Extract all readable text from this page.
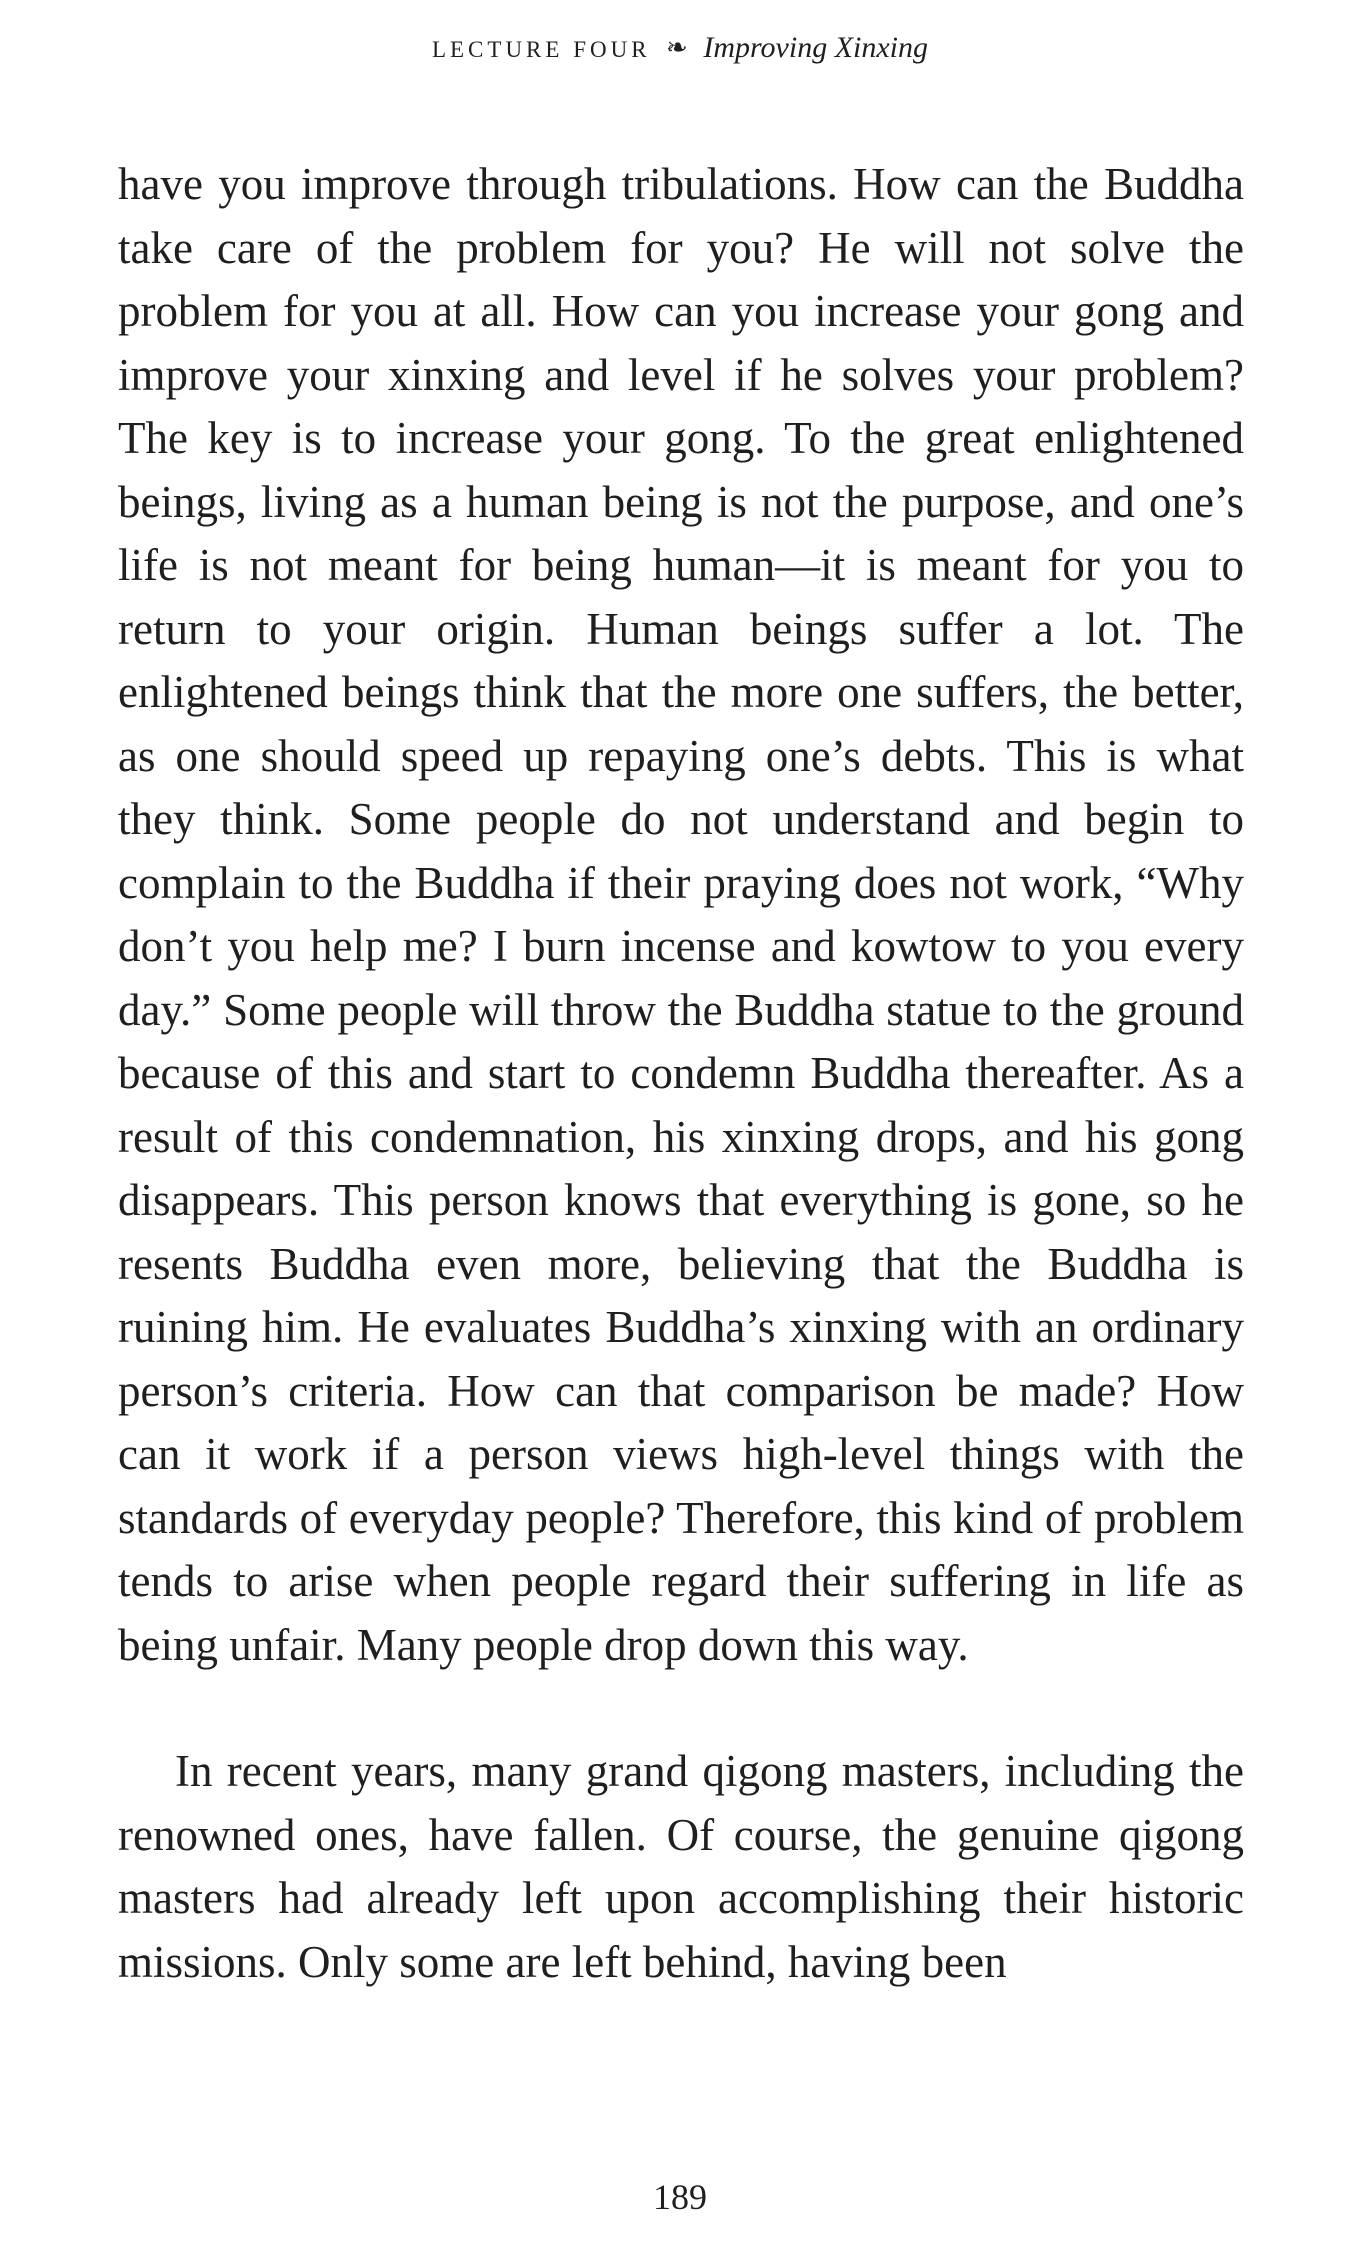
LECTURE FOUR ❧ Improving Xinxing

have you improve through tribulations. How can the Buddha take care of the problem for you? He will not solve the problem for you at all. How can you increase your gong and improve your xinxing and level if he solves your problem? The key is to increase your gong. To the great enlightened beings, living as a human being is not the purpose, and one’s life is not meant for being human—it is meant for you to return to your origin. Human beings suffer a lot. The enlightened beings think that the more one suffers, the better, as one should speed up repaying one’s debts. This is what they think. Some people do not understand and begin to complain to the Buddha if their praying does not work, “Why don’t you help me? I burn incense and kowtow to you every day.” Some people will throw the Buddha statue to the ground because of this and start to condemn Buddha thereafter. As a result of this condemnation, his xinxing drops, and his gong disappears. This person knows that everything is gone, so he resents Buddha even more, believing that the Buddha is ruining him. He evaluates Buddha’s xinxing with an ordinary person’s criteria. How can that comparison be made? How can it work if a person views high-level things with the standards of everyday people? Therefore, this kind of problem tends to arise when people regard their suffering in life as being unfair. Many people drop down this way.

In recent years, many grand qigong masters, including the renowned ones, have fallen. Of course, the genuine qigong masters had already left upon accomplishing their historic missions. Only some are left behind, having been

189
